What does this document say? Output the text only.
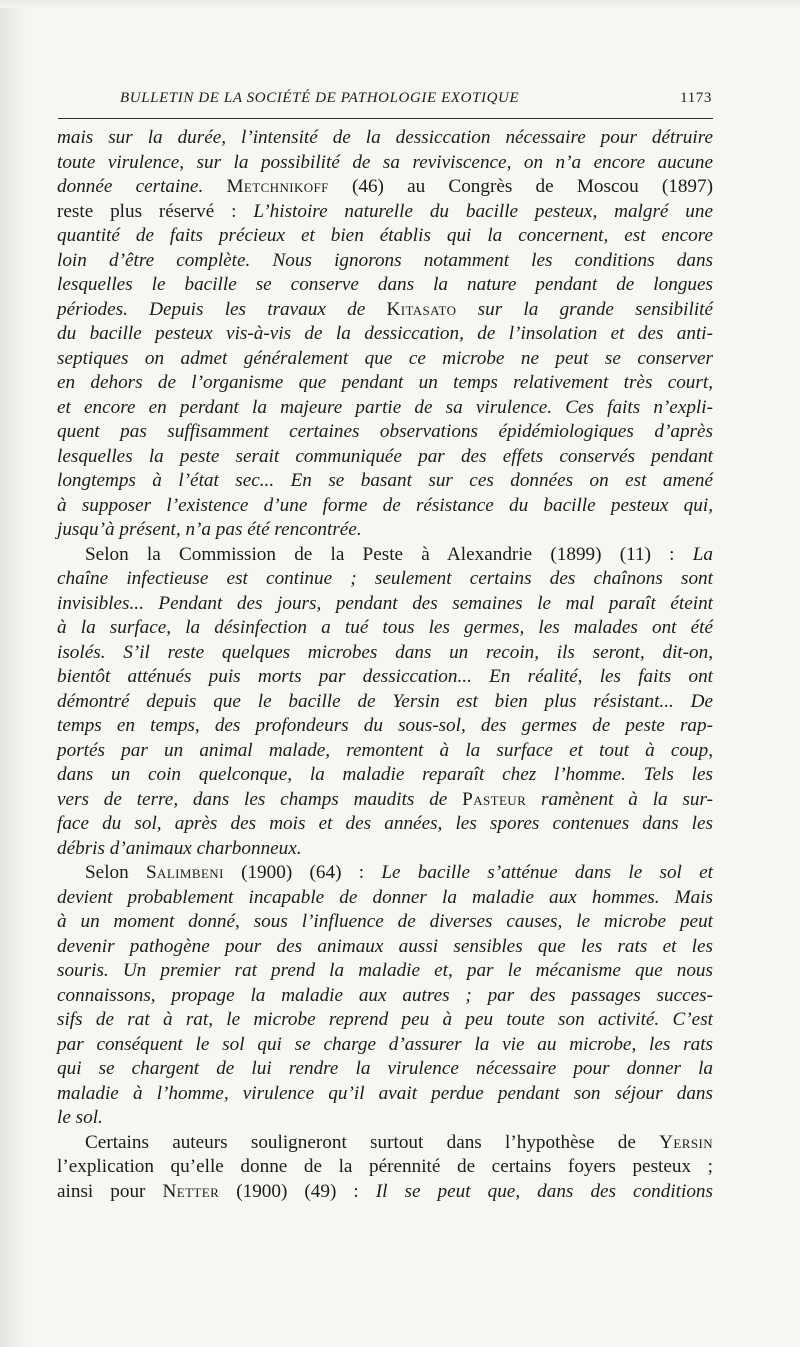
BULLETIN DE LA SOCIÉTÉ DE PATHOLOGIE EXOTIQUE	1173
mais sur la durée, l’intensité de la dessiccation nécessaire pour détruire
toute virulence, sur la possibilité de sa reviviscence, on n’a encore aucune
donnée certaine. Metchnikoff (46) au Congrès de Moscou (1897)
reste plus réservé : L’histoire naturelle du bacille pesteux, malgré une
quantité de faits précieux et bien établis qui la concernent, est encore
loin d’être complète. Nous ignorons notamment les conditions dans
lesquelles le bacille se conserve dans la nature pendant de longues
périodes. Depuis les travaux de Kitasato sur la grande sensibilité
du bacille pesteux vis-à-vis de la dessiccation, de l’insolation et des anti-
septiques on admet généralement que ce microbe ne peut se conserver
en dehors de l’organisme que pendant un temps relativement très court,
et encore en perdant la majeure partie de sa virulence. Ces faits n’expli-
quent pas suffisamment certaines observations épidémiologiques d’après
lesquelles la peste serait communiquée par des effets conservés pendant
longtemps à l’état sec... En se basant sur ces données on est amené
à supposer l’existence d’une forme de résistance du bacille pesteux qui,
jusqu’à présent, n’a pas été rencontrée.
Selon la Commission de la Peste à Alexandrie (1899) (11) : La
chaîne infectieuse est continue ; seulement certains des chaînons sont
invisibles... Pendant des jours, pendant des semaines le mal paraît éteint
à la surface, la désinfection a tué tous les germes, les malades ont été
isolés. S’il reste quelques microbes dans un recoin, ils seront, dit-on,
bientôt atténués puis morts par dessiccation... En réalité, les faits ont
démontré depuis que le bacille de Yersin est bien plus résistant... De
temps en temps, des profondeurs du sous-sol, des germes de peste rap-
portés par un animal malade, remontent à la surface et tout à coup,
dans un coin quelconque, la maladie reparaît chez l’homme. Tels les
vers de terre, dans les champs maudits de Pasteur ramènent à la sur-
face du sol, après des mois et des années, les spores contenues dans les
débris d’animaux charbonneux.
Selon Salimbeni (1900) (64) : Le bacille s’atténue dans le sol et
devient probablement incapable de donner la maladie aux hommes. Mais
à un moment donné, sous l’influence de diverses causes, le microbe peut
devenir pathogène pour des animaux aussi sensibles que les rats et les
souris. Un premier rat prend la maladie et, par le mécanisme que nous
connaissons, propage la maladie aux autres ; par des passages succes-
sifs de rat à rat, le microbe reprend peu à peu toute son activité. C’est
par conséquent le sol qui se charge d’assurer la vie au microbe, les rats
qui se chargent de lui rendre la virulence nécessaire pour donner la
maladie à l’homme, virulence qu’il avait perdue pendant son séjour dans
le sol.
Certains auteurs souligneront surtout dans l’hypothèse de Yersin
l’explication qu’elle donne de la pérennité de certains foyers pesteux ;
ainsi pour Netter (1900) (49) : Il se peut que, dans des conditions
